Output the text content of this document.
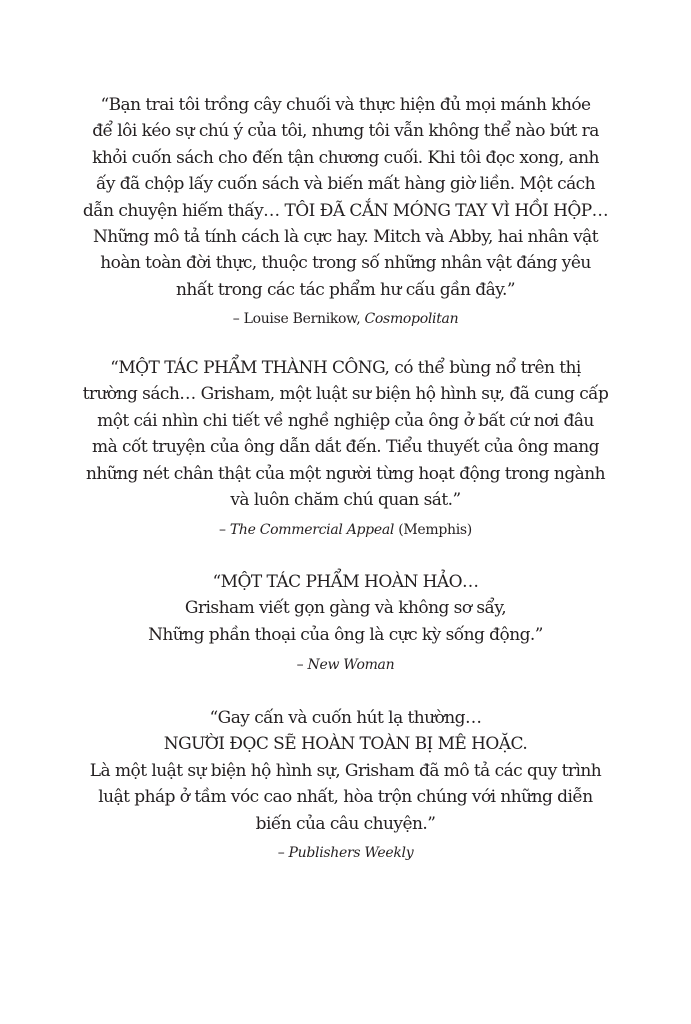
“Bạn trai tôi trồng cây chuối và thực hiện đủ mọi mánh khóe
để lôi kéo sự chú ý của tôi, nhưng tôi vẫn không thể nào bứt ra
khỏi cuốn sách cho đến tận chương cuối. Khi tôi đọc xong, anh
ấy đã chộp lấy cuốn sách và biến mất hàng giờ liền. Một cách
dẫn chuyện hiếm thấy… TÔI ĐÃ CẮN MÓNG TAY VÌ HỒI HỘP…
Những mô tả tính cách là cực hay. Mitch và Abby, hai nhân vật
hoàn toàn đời thực, thuộc trong số những nhân vật đáng yêu
nhất trong các tác phẩm hư cấu gần đây.”
– Louise Bernikow, Cosmopolitan
“MỘT TÁC PHẨM THÀNH CÔNG, có thể bùng nổ trên thị
trường sách… Grisham, một luật sư biện hộ hình sự, đã cung cấp
một cái nhìn chi tiết về nghề nghiệp của ông ở bất cứ nơi đâu
mà cốt truyện của ông dẫn dắt đến. Tiểu thuyết của ông mang
những nét chân thật của một người từng hoạt động trong ngành
và luôn chăm chú quan sát.”
– The Commercial Appeal (Memphis)
“MỘT TÁC PHẨM HOÀN HẢO…
Grisham viết gọn gàng và không sơ sẩy,
Những phần thoại của ông là cực kỳ sống động.”
– New Woman
“Gay cấn và cuốn hút lạ thường…
NGƯỜI ĐỌC SẼ HOÀN TOÀN BỊ MÊ HOẶC.
Là một luật sự biện hộ hình sự, Grisham đã mô tả các quy trình
luật pháp ở tầm vóc cao nhất, hòa trộn chúng với những diễn
biến của câu chuyện.”
– Publishers Weekly
